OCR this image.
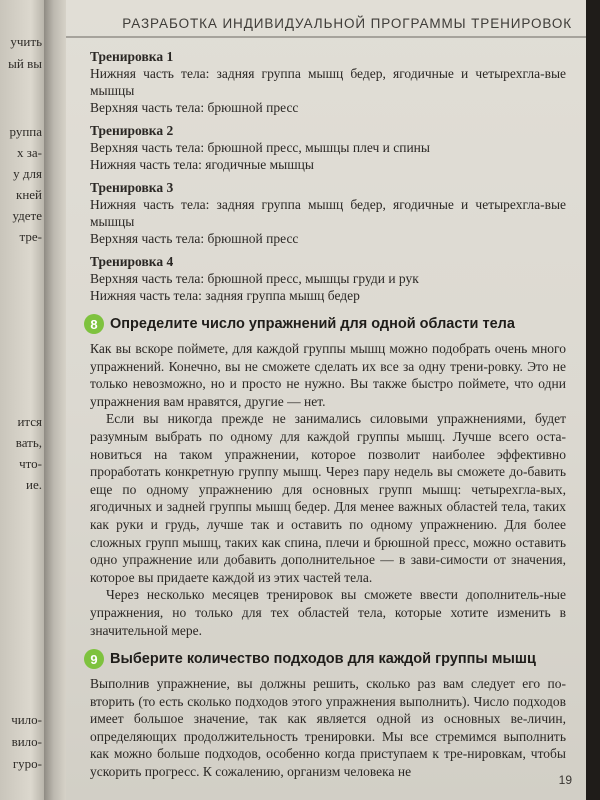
учить
ый вы
руппа
х за-
у для
кней
удете
тре-
ится
вать,
что-
ие.
чило-
вило-
гуро-
РАЗРАБОТКА ИНДИВИДУАЛЬНОЙ ПРОГРАММЫ ТРЕНИРОВОК
Тренировка 1
Нижняя часть тела: задняя группа мышц бедер, ягодичные и четырехгла-вые мышцы
Верхняя часть тела: брюшной пресс
Тренировка 2
Верхняя часть тела: брюшной пресс, мышцы плеч и спины
Нижняя часть тела: ягодичные мышцы
Тренировка 3
Нижняя часть тела: задняя группа мышц бедер, ягодичные и четырехгла-вые мышцы
Верхняя часть тела: брюшной пресс
Тренировка 4
Верхняя часть тела: брюшной пресс, мышцы груди и рук
Нижняя часть тела: задняя группа мышц бедер
8 Определите число упражнений для одной области тела
Как вы вскоре поймете, для каждой группы мышц можно подобрать очень много упражнений. Конечно, вы не сможете сделать их все за одну трени-ровку. Это не только невозможно, но и просто не нужно. Вы также быстро поймете, что одни упражнения вам нравятся, другие — нет.
Если вы никогда прежде не занимались силовыми упражнениями, будет разумным выбрать по одному для каждой группы мышц. Лучше всего оста-новиться на таком упражнении, которое позволит наиболее эффективно проработать конкретную группу мышц. Через пару недель вы сможете до-бавить еще по одному упражнению для основных групп мышц: четырехгла-вых, ягодичных и задней группы мышц бедер. Для менее важных областей тела, таких как руки и грудь, лучше так и оставить по одному упражнению. Для более сложных групп мышц, таких как спина, плечи и брюшной пресс, можно оставить одно упражнение или добавить дополнительное — в зави-симости от значения, которое вы придаете каждой из этих частей тела.
Через несколько месяцев тренировок вы сможете ввести дополнитель-ные упражнения, но только для тех областей тела, которые хотите изменить в значительной мере.
9 Выберите количество подходов для каждой группы мышц
Выполнив упражнение, вы должны решить, сколько раз вам следует его по-вторить (то есть сколько подходов этого упражнения выполнить). Число подходов имеет большое значение, так как является одной из основных ве-личин, определяющих продолжительность тренировки. Мы все стремимся выполнить как можно больше подходов, особенно когда приступаем к тре-нировкам, чтобы ускорить прогресс. К сожалению, организм человека не
19
